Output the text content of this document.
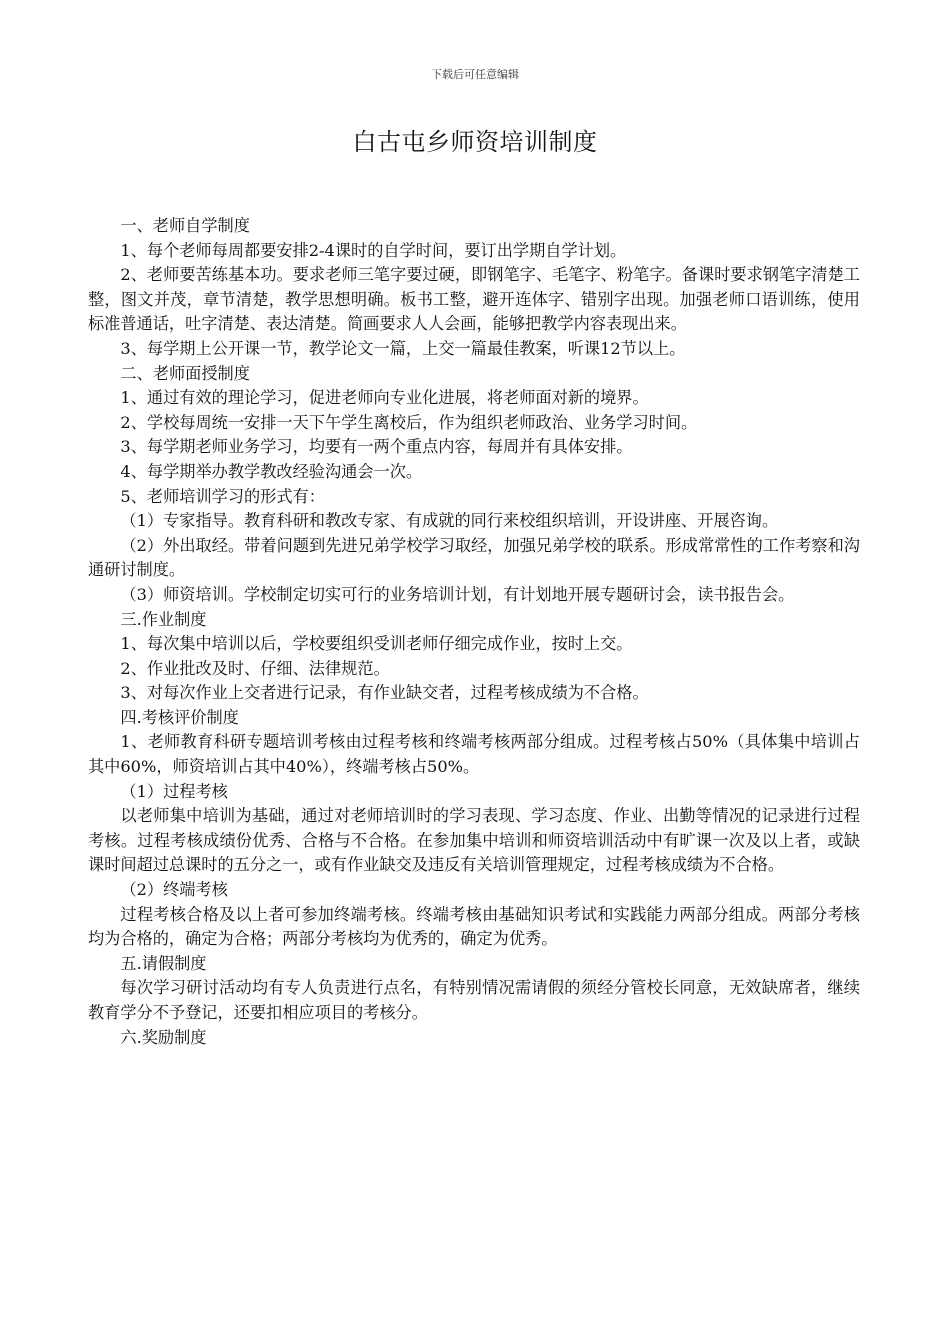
下载后可任意编辑
白古屯乡师资培训制度

一、老师自学制度

1、每个老师每周都要安排2-4课时的自学时间，要订出学期自学计划。

2、老师要苦练基本功。要求老师三笔字要过硬，即钢笔字、毛笔字、粉笔字。备课时要求钢笔字清楚工整，图文并茂，章节清楚，教学思想明确。板书工整，避开连体字、错别字出现。加强老师口语训练，使用标准普通话，吐字清楚、表达清楚。简画要求人人会画，能够把教学内容表现出来。

3、每学期上公开课一节，教学论文一篇，上交一篇最佳教案，听课12节以上。

二、老师面授制度

1、通过有效的理论学习，促进老师向专业化进展，将老师面对新的境界。

2、学校每周统一安排一天下午学生离校后，作为组织老师政治、业务学习时间。

3、每学期老师业务学习，均要有一两个重点内容，每周并有具体安排。

4、每学期举办教学教改经验沟通会一次。

5、老师培训学习的形式有：

（1）专家指导。教育科研和教改专家、有成就的同行来校组织培训，开设讲座、开展咨询。

（2）外出取经。带着问题到先进兄弟学校学习取经，加强兄弟学校的联系。形成常常性的工作考察和沟通研讨制度。

（3）师资培训。学校制定切实可行的业务培训计划，有计划地开展专题研讨会，读书报告会。

三.作业制度

1、每次集中培训以后，学校要组织受训老师仔细完成作业，按时上交。

2、作业批改及时、仔细、法律规范。

3、对每次作业上交者进行记录，有作业缺交者，过程考核成绩为不合格。

四.考核评价制度

1、老师教育科研专题培训考核由过程考核和终端考核两部分组成。过程考核占50%（具体集中培训占其中60%，师资培训占其中40%），终端考核占50%。

（1）过程考核

以老师集中培训为基础，通过对老师培训时的学习表现、学习态度、作业、出勤等情况的记录进行过程考核。过程考核成绩份优秀、合格与不合格。在参加集中培训和师资培训活动中有旷课一次及以上者，或缺课时间超过总课时的五分之一，或有作业缺交及违反有关培训管理规定，过程考核成绩为不合格。

（2）终端考核

过程考核合格及以上者可参加终端考核。终端考核由基础知识考试和实践能力两部分组成。两部分考核均为合格的，确定为合格；两部分考核均为优秀的，确定为优秀。

五.请假制度

每次学习研讨活动均有专人负责进行点名，有特别情况需请假的须经分管校长同意，无效缺席者，继续教育学分不予登记，还要扣相应项目的考核分。

六.奖励制度
